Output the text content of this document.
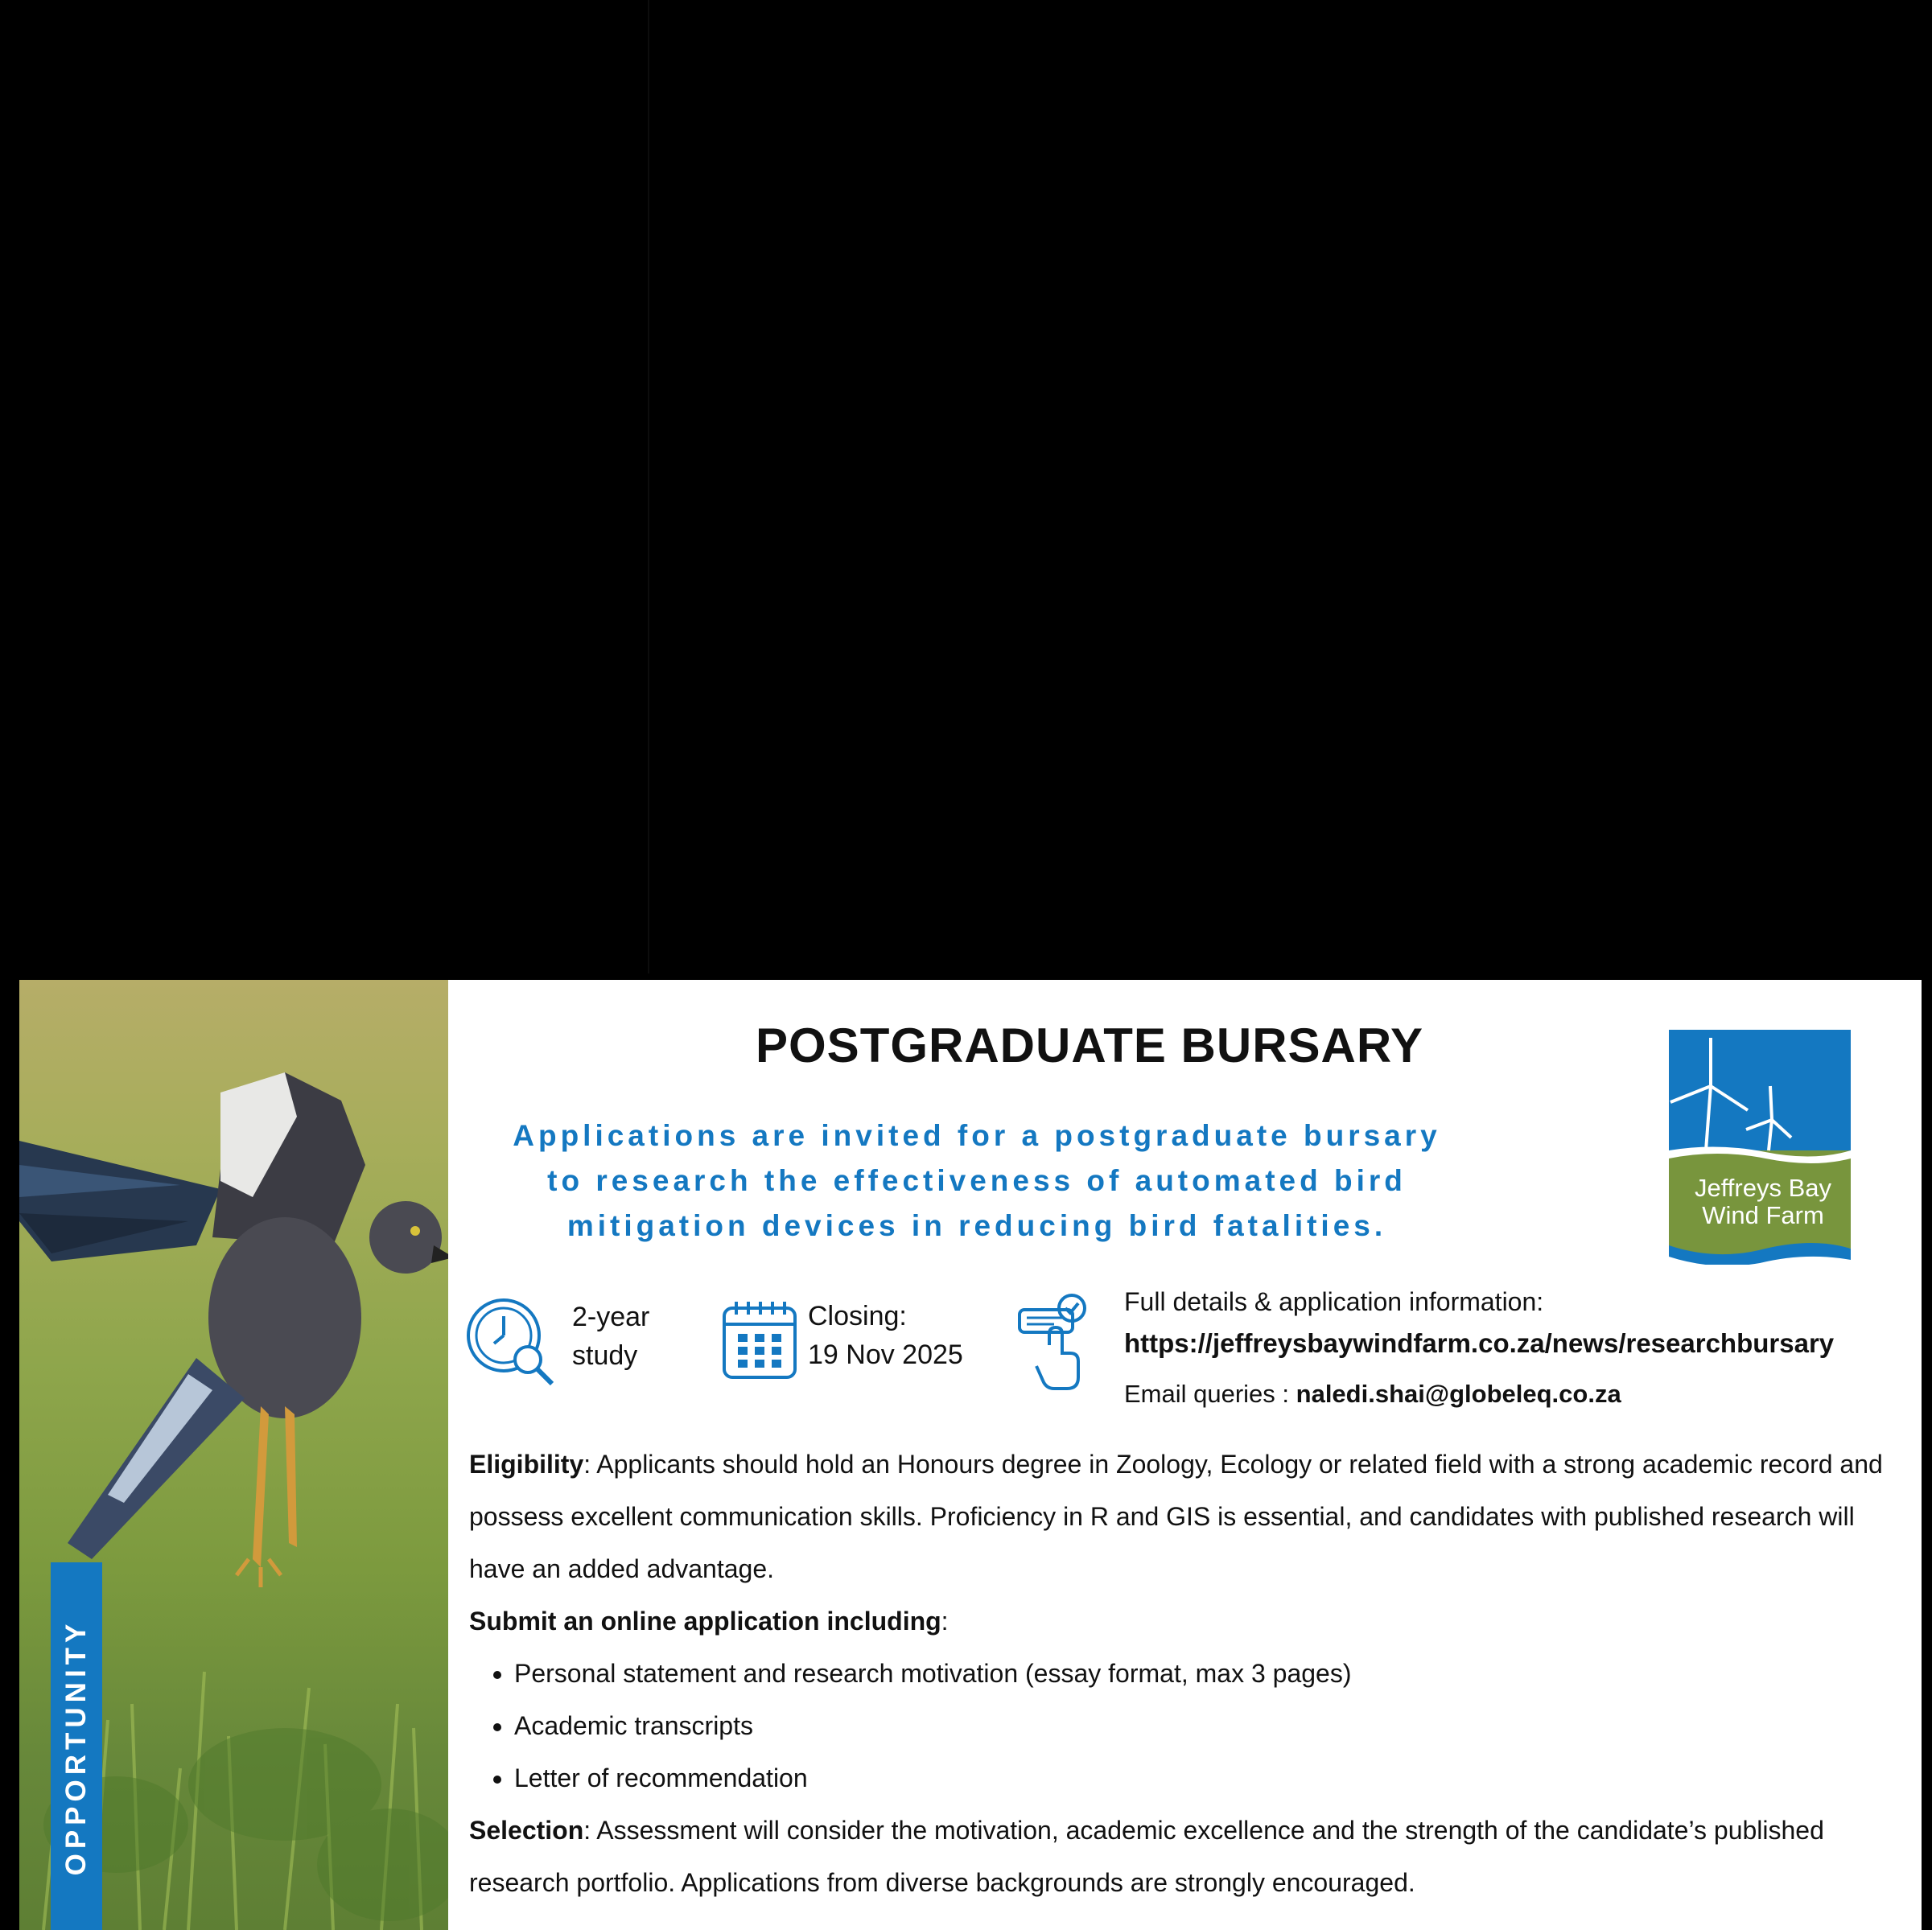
OPPORTUNITY
POSTGRADUATE BURSARY
Applications are invited for a postgraduate bursary
to research the effectiveness of automated bird
mitigation devices in reducing bird fatalities.
Jeffreys Bay
Wind Farm
2-year
study
Closing:
19 Nov 2025
Full details & application information:
https://jeffreysbaywindfarm.co.za/news/researchbursary
Email queries : naledi.shai@globeleq.co.za

Eligibility: Applicants should hold an Honours degree in Zoology, Ecology or related field with a strong academic record and possess excellent communication skills. Proficiency in R and GIS is essential, and candidates with published research will have an added advantage.

Submit an online application including:

• Personal statement and research motivation (essay format, max 3 pages)
• Academic transcripts
• Letter of recommendation

Selection: Assessment will consider the motivation, academic excellence and the strength of the candidate’s published research portfolio. Applications from diverse backgrounds are strongly encouraged.
